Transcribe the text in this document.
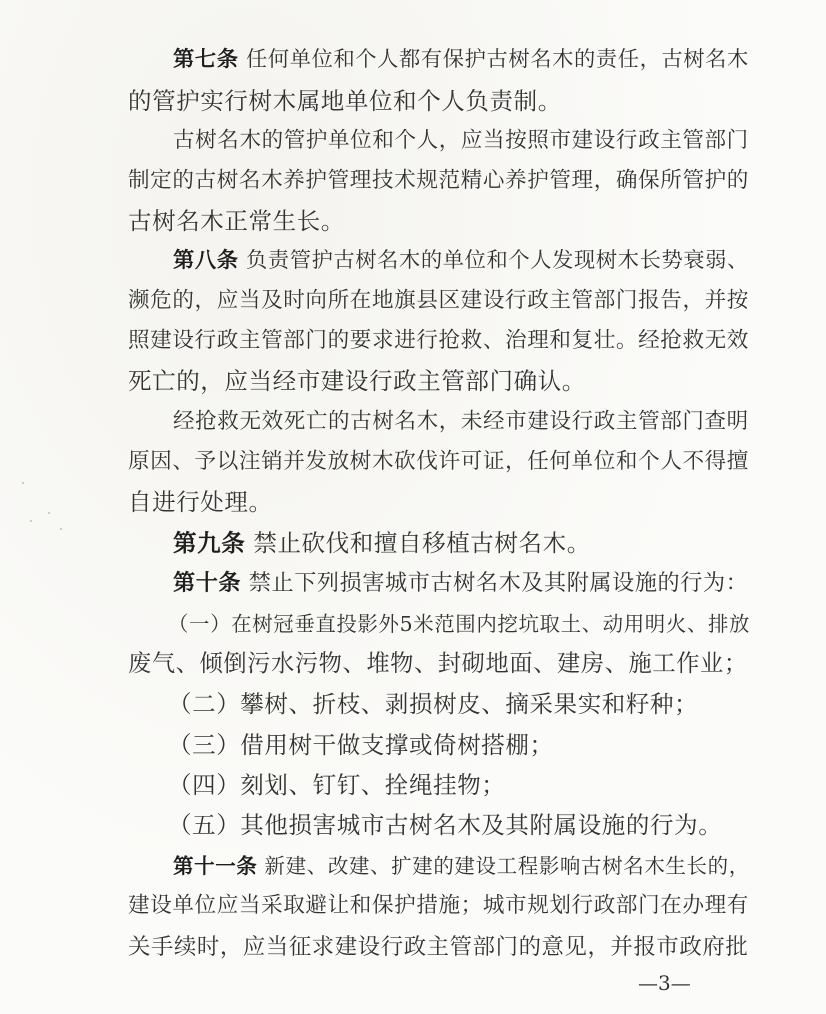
第七条 任何单位和个人都有保护古树名木的责任，古树名木
的管护实行树木属地单位和个人负责制。
古树名木的管护单位和个人，应当按照市建设行政主管部门
制定的古树名木养护管理技术规范精心养护管理，确保所管护的
古树名木正常生长。
第八条 负责管护古树名木的单位和个人发现树木长势衰弱、
濒危的，应当及时向所在地旗县区建设行政主管部门报告，并按
照建设行政主管部门的要求进行抢救、治理和复壮。经抢救无效
死亡的，应当经市建设行政主管部门确认。
经抢救无效死亡的古树名木，未经市建设行政主管部门查明
原因、予以注销并发放树木砍伐许可证，任何单位和个人不得擅
自进行处理。
第九条 禁止砍伐和擅自移植古树名木。
第十条 禁止下列损害城市古树名木及其附属设施的行为：
（一）在树冠垂直投影外5米范围内挖坑取土、动用明火、排放
废气、倾倒污水污物、堆物、封砌地面、建房、施工作业；
（二）攀树、折枝、剥损树皮、摘采果实和籽种；
（三）借用树干做支撑或倚树搭棚；
（四）刻划、钉钉、拴绳挂物；
（五）其他损害城市古树名木及其附属设施的行为。
第十一条 新建、改建、扩建的建设工程影响古树名木生长的，
建设单位应当采取避让和保护措施；城市规划行政部门在办理有
关手续时，应当征求建设行政主管部门的意见，并报市政府批
—3—
